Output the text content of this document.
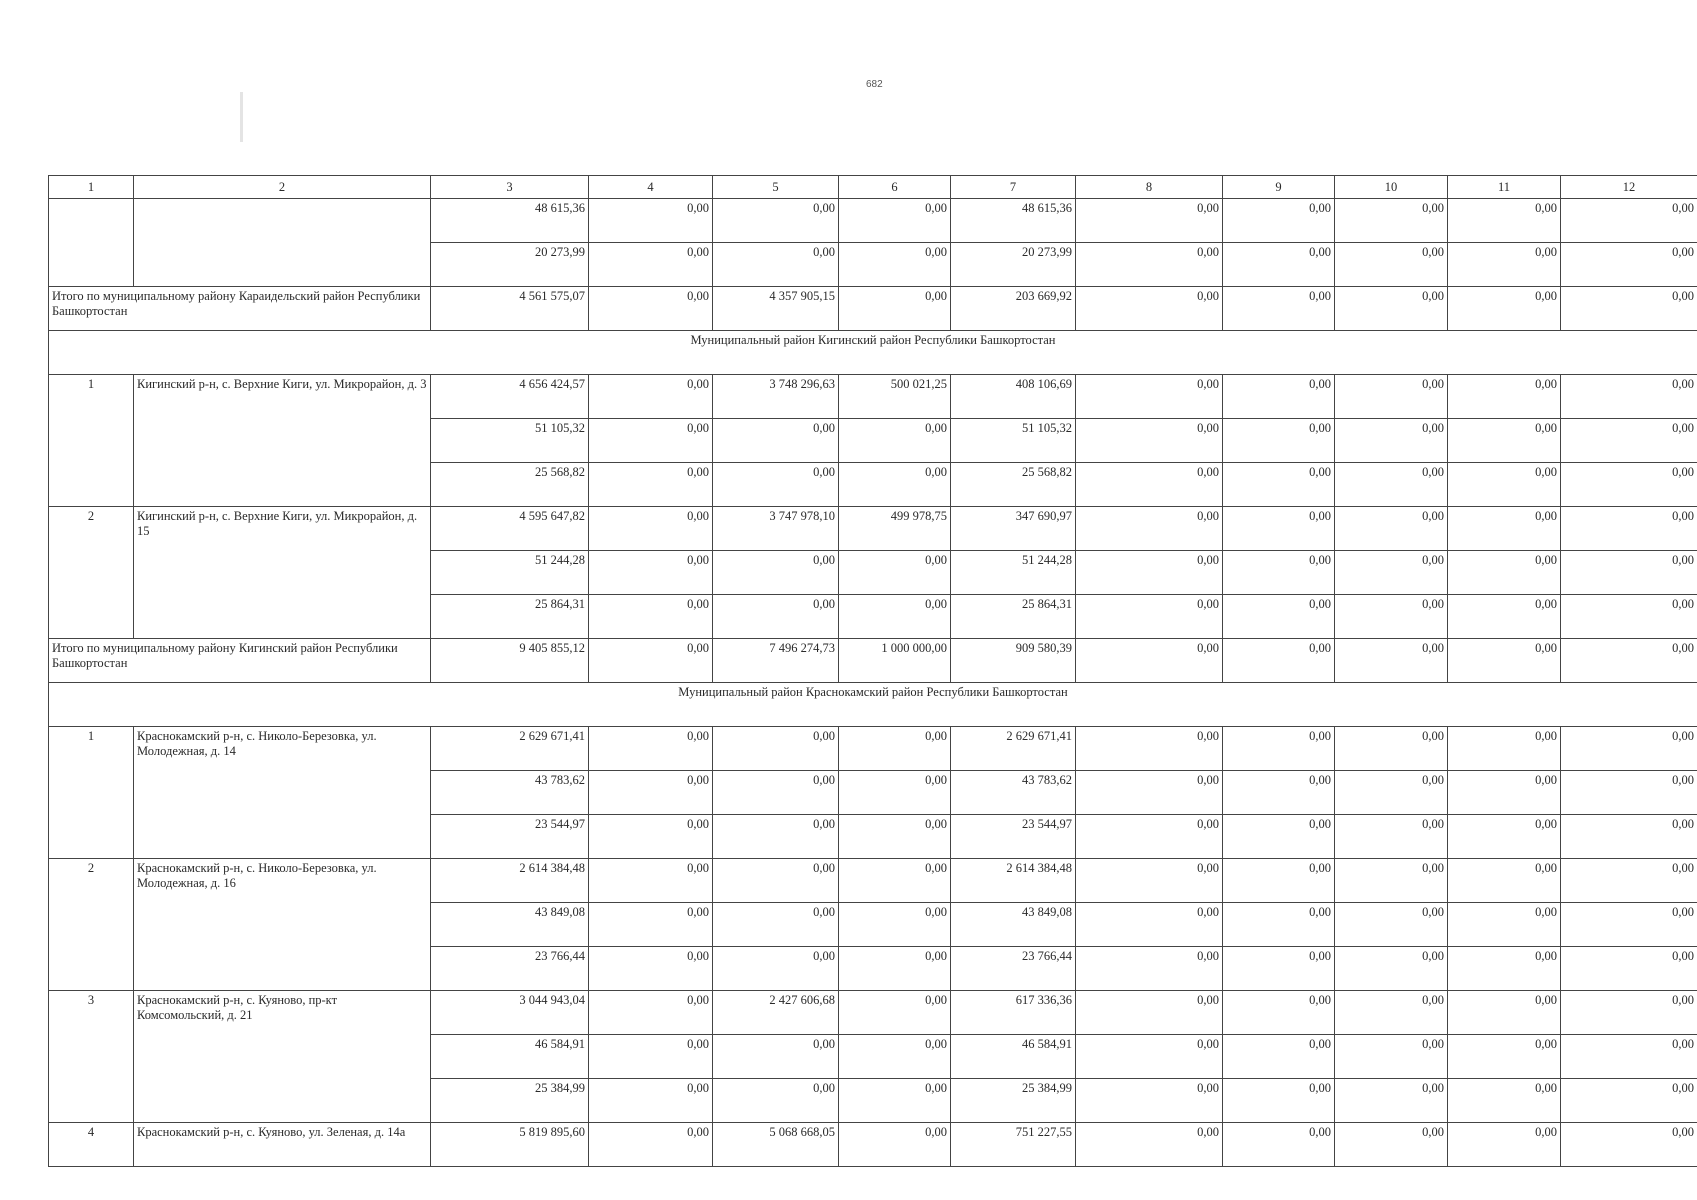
682
1	2	3	4	5	6	7	8	9	10	11	12
		48 615,36	0,00	0,00	0,00	48 615,36	0,00	0,00	0,00	0,00	0,00
		20 273,99	0,00	0,00	0,00	20 273,99	0,00	0,00	0,00	0,00	0,00
Итого по муниципальному району Караидельский район Республики Башкортостан		4 561 575,07	0,00	4 357 905,15	0,00	203 669,92	0,00	0,00	0,00	0,00	0,00
Муниципальный район Кигинский район Республики Башкортостан											
1	Кигинский р-н, с. Верхние Киги, ул. Микрорайон, д. 3	4 656 424,57	0,00	3 748 296,63	500 021,25	408 106,69	0,00	0,00	0,00	0,00	0,00
		51 105,32	0,00	0,00	0,00	51 105,32	0,00	0,00	0,00	0,00	0,00
		25 568,82	0,00	0,00	0,00	25 568,82	0,00	0,00	0,00	0,00	0,00
2	Кигинский р-н, с. Верхние Киги, ул. Микрорайон, д. 15	4 595 647,82	0,00	3 747 978,10	499 978,75	347 690,97	0,00	0,00	0,00	0,00	0,00
		51 244,28	0,00	0,00	0,00	51 244,28	0,00	0,00	0,00	0,00	0,00
		25 864,31	0,00	0,00	0,00	25 864,31	0,00	0,00	0,00	0,00	0,00
Итого по муниципальному району Кигинский район Республики Башкортостан		9 405 855,12	0,00	7 496 274,73	1 000 000,00	909 580,39	0,00	0,00	0,00	0,00	0,00
Муниципальный район Краснокамский район Республики Башкортостан											
1	Краснокамский р-н, с. Николо-Березовка, ул. Молодежная, д. 14	2 629 671,41	0,00	0,00	0,00	2 629 671,41	0,00	0,00	0,00	0,00	0,00
		43 783,62	0,00	0,00	0,00	43 783,62	0,00	0,00	0,00	0,00	0,00
		23 544,97	0,00	0,00	0,00	23 544,97	0,00	0,00	0,00	0,00	0,00
2	Краснокамский р-н, с. Николо-Березовка, ул. Молодежная, д. 16	2 614 384,48	0,00	0,00	0,00	2 614 384,48	0,00	0,00	0,00	0,00	0,00
		43 849,08	0,00	0,00	0,00	43 849,08	0,00	0,00	0,00	0,00	0,00
		23 766,44	0,00	0,00	0,00	23 766,44	0,00	0,00	0,00	0,00	0,00
3	Краснокамский р-н, с. Куяново, пр-кт Комсомольский, д. 21	3 044 943,04	0,00	2 427 606,68	0,00	617 336,36	0,00	0,00	0,00	0,00	0,00
		46 584,91	0,00	0,00	0,00	46 584,91	0,00	0,00	0,00	0,00	0,00
		25 384,99	0,00	0,00	0,00	25 384,99	0,00	0,00	0,00	0,00	0,00
4	Краснокамский р-н, с. Куяново, ул. Зеленая, д. 14а	5 819 895,60	0,00	5 068 668,05	0,00	751 227,55	0,00	0,00	0,00	0,00	0,00
